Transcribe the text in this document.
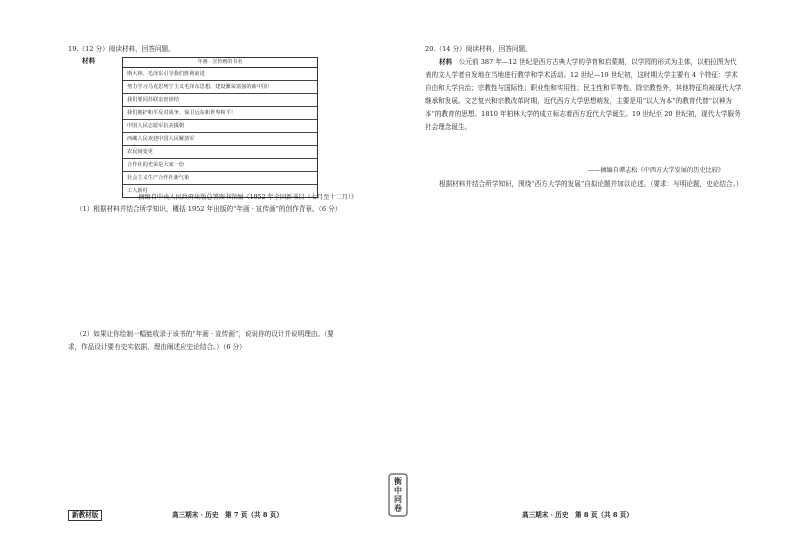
19.（12 分）阅读材料，回答问题。
材料	年画 · 宣传画的书名
斯大林、毛泽东引导我们胜利前进
努力学习马克思列宁主义毛泽东思想，建设繁荣富强的新中国！
我们要同苏联亲密团结
我们拥护和平反对战争，保卫远东和世界和平！
中国人民志愿军抗美援朝
西藏人民欢迎中国人民解放军
农民闹变更
合作社的光荣是大家一份
社会主义生产合作社新气象
工人新村
——摘编自中央人民政府出版总署图书馆编《1952 年全国新书目（七月至十二月）》
（1）根据材料并结合所学知识，概括 1952 年出版的“年画 · 宣传画”的创作背景。（6 分）
（2）如果让你绘制一幅能收录于该书的“年画 · 宣传画”，说说你的设计并说明理由。（要
求，作品设计要有史实依据，理由阐述应史论结合。）（6 分）
新教材版	高三期末 · 历史　第 7 页（共 8 页）
衡
中
同
卷
20.（14 分）阅读材料，回答问题。
材料　 公元前 387 年—12 世纪是西方古典大学的孕育和启蒙期，以学园的形式为主体，以柏拉图为代表的文人学者自发地在当地进行教学和学术活动。12 世纪—19 世纪初，这时期大学主要有 4 个特征：学术自由和大学自治；宗教性与国际性；职业性和实用性；民主性和平等性。除宗教性外，其他特征均被现代大学继承和发展。文艺复兴和宗教改革时期，近代西方大学思想萌发，主要是用“以人为本”的教育代替“以神为本”的教育的思想。1810 年柏林大学的成立标志着西方近代大学诞生。19 世纪至 20 世纪初，现代大学服务社会理念诞生。
——摘编自谭志松《中西方大学发展的历史比较》
根据材料并结合所学知识，围绕“西方大学的发展”自拟论题并加以论述。（要求：写明论题，史论结合。）
高三期末 · 历史　第 8 页（共 8 页）
